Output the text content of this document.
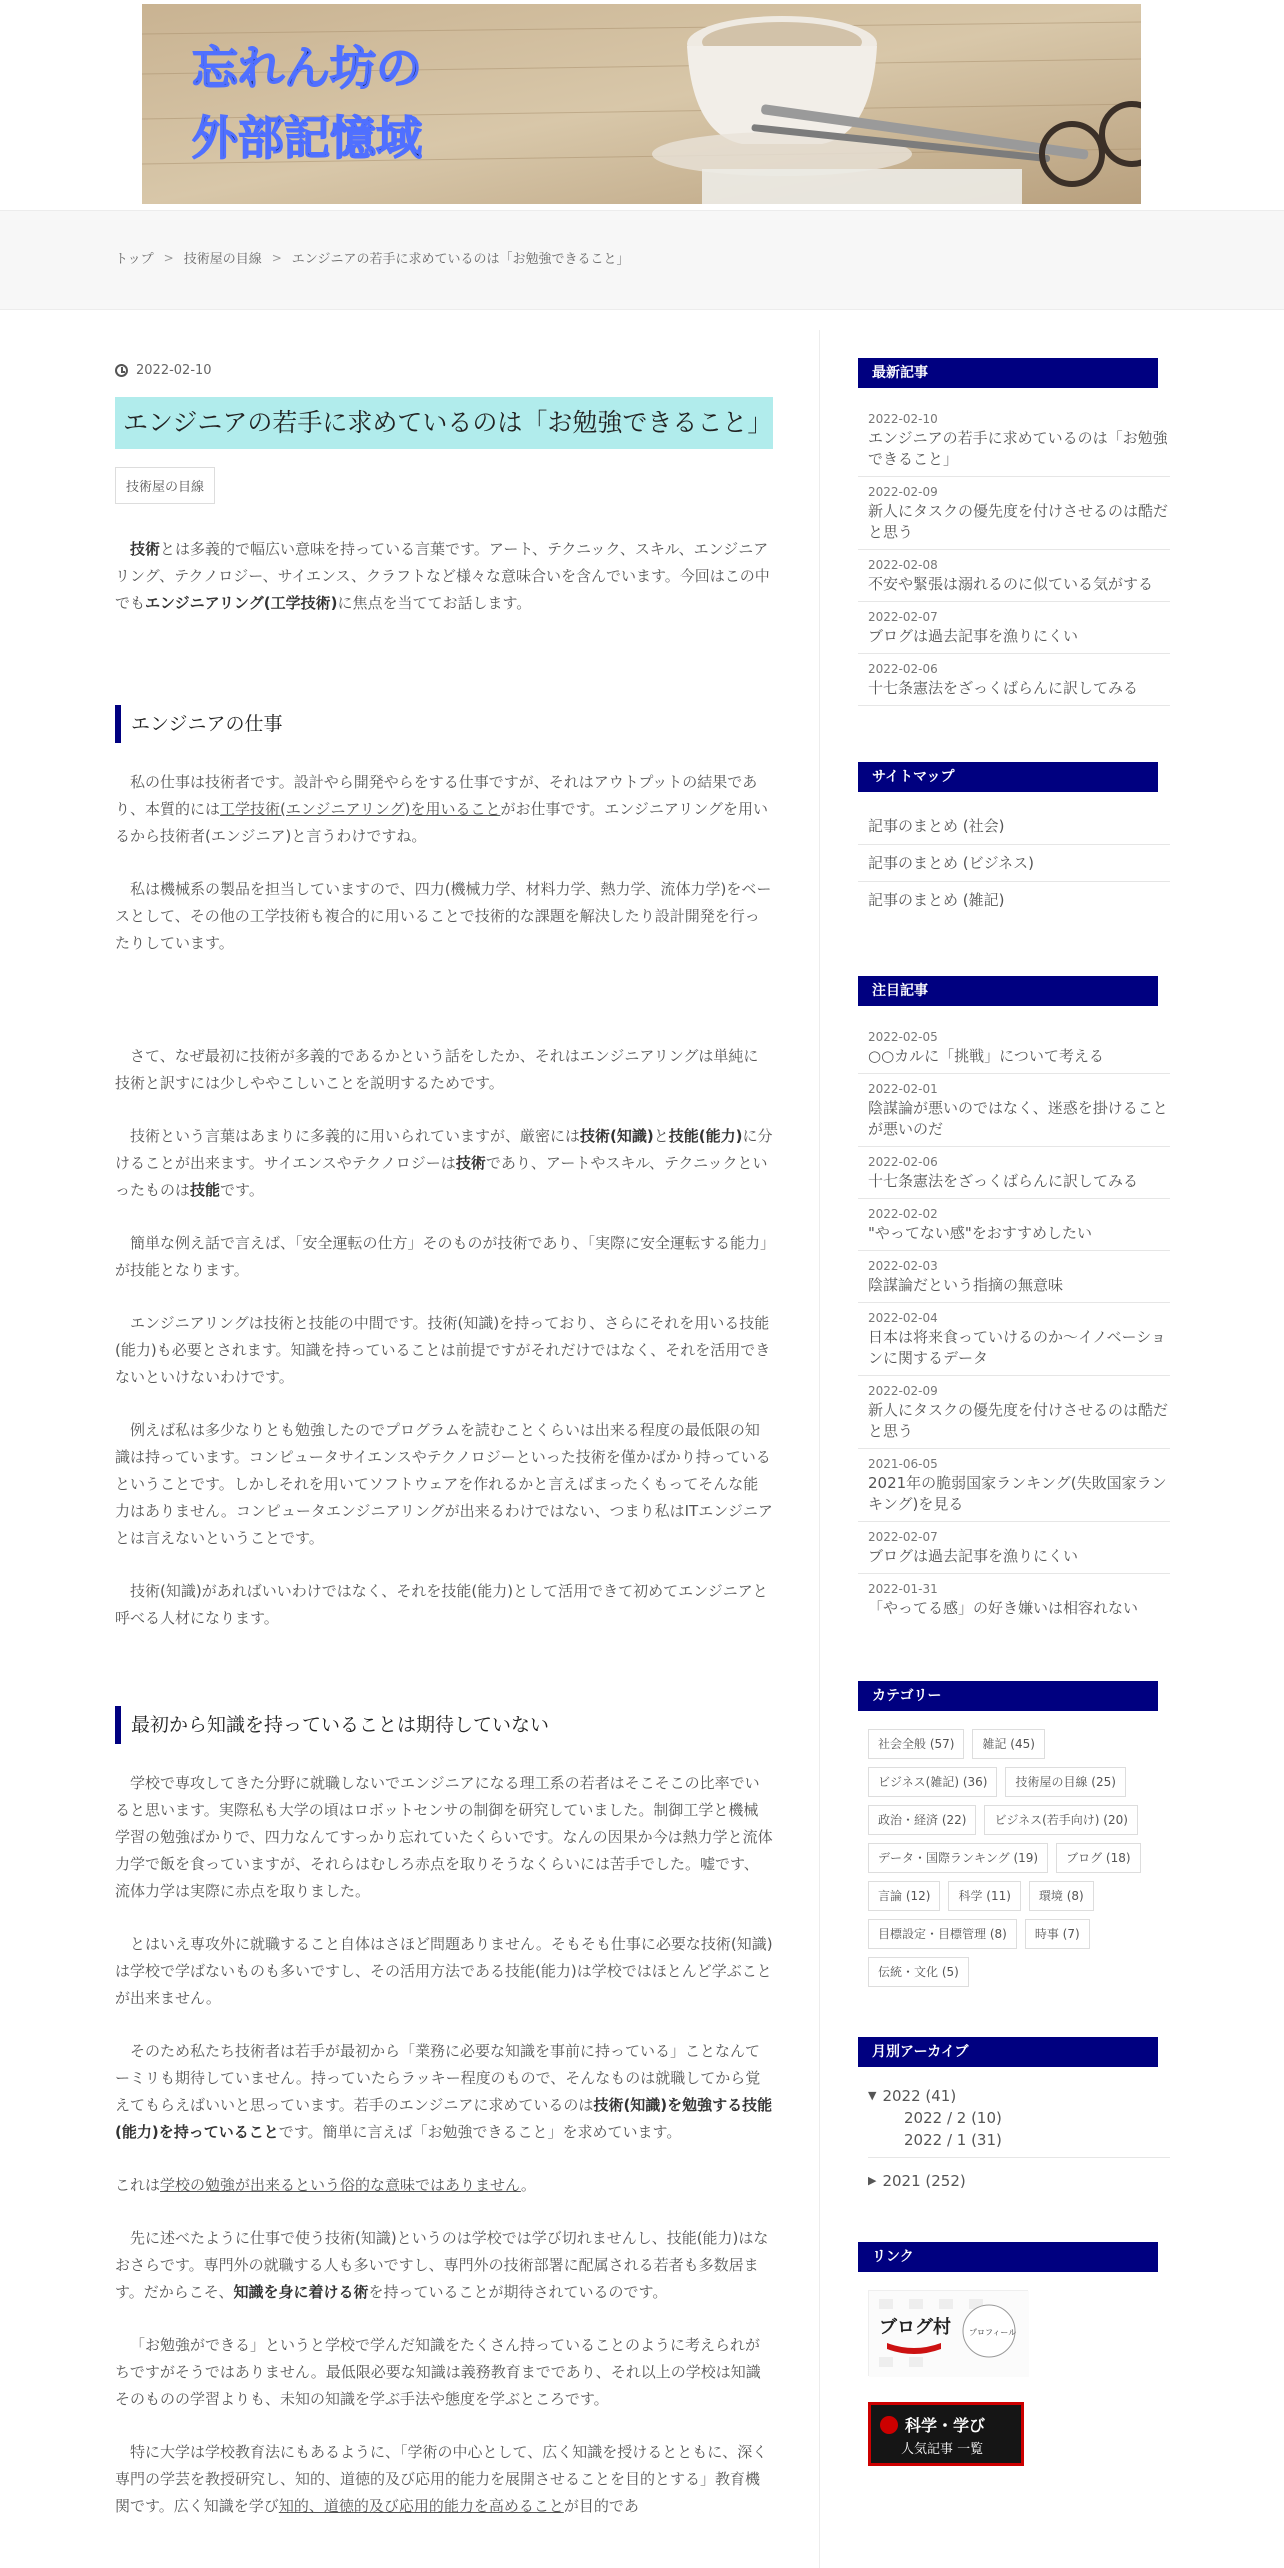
忘れん坊の
外部記憶域
トップ > 技術屋の目線 > エンジニアの若手に求めているのは「お勉強できること」
2022-02-10
エンジニアの若手に求めているのは「お勉強できること」
技術屋の目線

技術とは多義的で幅広い意味を持っている言葉です。アート、テクニック、スキル、エンジニアリング、テクノロジー、サイエンス、クラフトなど様々な意味合いを含んでいます。今回はこの中でもエンジニアリング(工学技術)に焦点を当ててお話します。

エンジニアの仕事

私の仕事は技術者です。設計やら開発やらをする仕事ですが、それはアウトプットの結果であり、本質的には工学技術(エンジニアリング)を用いることがお仕事です。エンジニアリングを用いるから技術者(エンジニア)と言うわけですね。

私は機械系の製品を担当していますので、四力(機械力学、材料力学、熱力学、流体力学)をベースとして、その他の工学技術も複合的に用いることで技術的な課題を解決したり設計開発を行ったりしています。

さて、なぜ最初に技術が多義的であるかという話をしたか、それはエンジニアリングは単純に技術と訳すには少しややこしいことを説明するためです。

技術という言葉はあまりに多義的に用いられていますが、厳密には技術(知識)と技能(能力)に分けることが出来ます。サイエンスやテクノロジーは技術であり、アートやスキル、テクニックといったものは技能です。

簡単な例え話で言えば、「安全運転の仕方」そのものが技術であり、「実際に安全運転する能力」が技能となります。

エンジニアリングは技術と技能の中間です。技術(知識)を持っており、さらにそれを用いる技能(能力)も必要とされます。知識を持っていることは前提ですがそれだけではなく、それを活用できないといけないわけです。

例えば私は多少なりとも勉強したのでプログラムを読むことくらいは出来る程度の最低限の知識は持っています。コンピュータサイエンスやテクノロジーといった技術を僅かばかり持っているということです。しかしそれを用いてソフトウェアを作れるかと言えばまったくもってそんな能力はありません。コンピュータエンジニアリングが出来るわけではない、つまり私はITエンジニアとは言えないということです。

技術(知識)があればいいわけではなく、それを技能(能力)として活用できて初めてエンジニアと呼べる人材になります。

最初から知識を持っていることは期待していない

学校で専攻してきた分野に就職しないでエンジニアになる理工系の若者はそこそこの比率でいると思います。実際私も大学の頃はロボットセンサの制御を研究していました。制御工学と機械学習の勉強ばかりで、四力なんてすっかり忘れていたくらいです。なんの因果か今は熱力学と流体力学で飯を食っていますが、それらはむしろ赤点を取りそうなくらいには苦手でした。嘘です、流体力学は実際に赤点を取りました。

とはいえ専攻外に就職すること自体はさほど問題ありません。そもそも仕事に必要な技術(知識)は学校で学ばないものも多いですし、その活用方法である技能(能力)は学校ではほとんど学ぶことが出来ません。

そのため私たち技術者は若手が最初から「業務に必要な知識を事前に持っている」ことなんてーミリも期待していません。持っていたらラッキー程度のもので、そんなものは就職してから覚えてもらえばいいと思っています。若手のエンジニアに求めているのは技術(知識)を勉強する技能(能力)を持っていることです。簡単に言えば「お勉強できること」を求めています。

これは学校の勉強が出来るという俗的な意味ではありません。

先に述べたように仕事で使う技術(知識)というのは学校では学び切れませんし、技能(能力)はなおさらです。専門外の就職する人も多いですし、専門外の技術部署に配属される若者も多数居ます。だからこそ、知識を身に着ける術を持っていることが期待されているのです。

「お勉強ができる」というと学校で学んだ知識をたくさん持っていることのように考えられがちですがそうではありません。最低限必要な知識は義務教育までであり、それ以上の学校は知識そのものの学習よりも、未知の知識を学ぶ手法や態度を学ぶところです。

特に大学は学校教育法にもあるように、「学術の中心として、広く知識を授けるとともに、深く専門の学芸を教授研究し、知的、道徳的及び応用的能力を展開させることを目的とする」教育機関です。広く知識を学び知的、道徳的及び応用的能力を高めることが目的であ

最新記事
2022-02-10
エンジニアの若手に求めているのは「お勉強できること」
2022-02-09
新人にタスクの優先度を付けさせるのは酷だと思う
2022-02-08
不安や緊張は溺れるのに似ている気がする
2022-02-07
ブログは過去記事を漁りにくい
2022-02-06
十七条憲法をざっくばらんに訳してみる
サイトマップ
記事のまとめ (社会)
記事のまとめ (ビジネス)
記事のまとめ (雑記)
注目記事
2022-02-05
○○カルに「挑戦」について考える
2022-02-01
陰謀論が悪いのではなく、迷惑を掛けることが悪いのだ
2022-02-06
十七条憲法をざっくばらんに訳してみる
2022-02-02
"やってない感"をおすすめしたい
2022-02-03
陰謀論だという指摘の無意味
2022-02-04
日本は将来食っていけるのか～イノベーションに関するデータ
2022-02-09
新人にタスクの優先度を付けさせるのは酷だと思う
2021-06-05
2021年の脆弱国家ランキング(失敗国家ランキング)を見る
2022-02-07
ブログは過去記事を漁りにくい
2022-01-31
「やってる感」の好き嫌いは相容れない
カテゴリー
社会全般 (57)	雑記 (45)
ビジネス(雑記) (36)	技術屋の目線 (25)
政治・経済 (22)	ビジネス(若手向け) (20)
データ・国際ランキング (19)	ブログ (18)
言論 (12)	科学 (11)	環境 (8)
目標設定・目標管理 (8)	時事 (7)
伝統・文化 (5)
月別アーカイブ
▼ 2022 (41)
2022 / 2 (10)
2022 / 1 (31)
▶ 2021 (252)
リンク
ブログ村 プロフィール
科学・学び
人気記事 一覧
